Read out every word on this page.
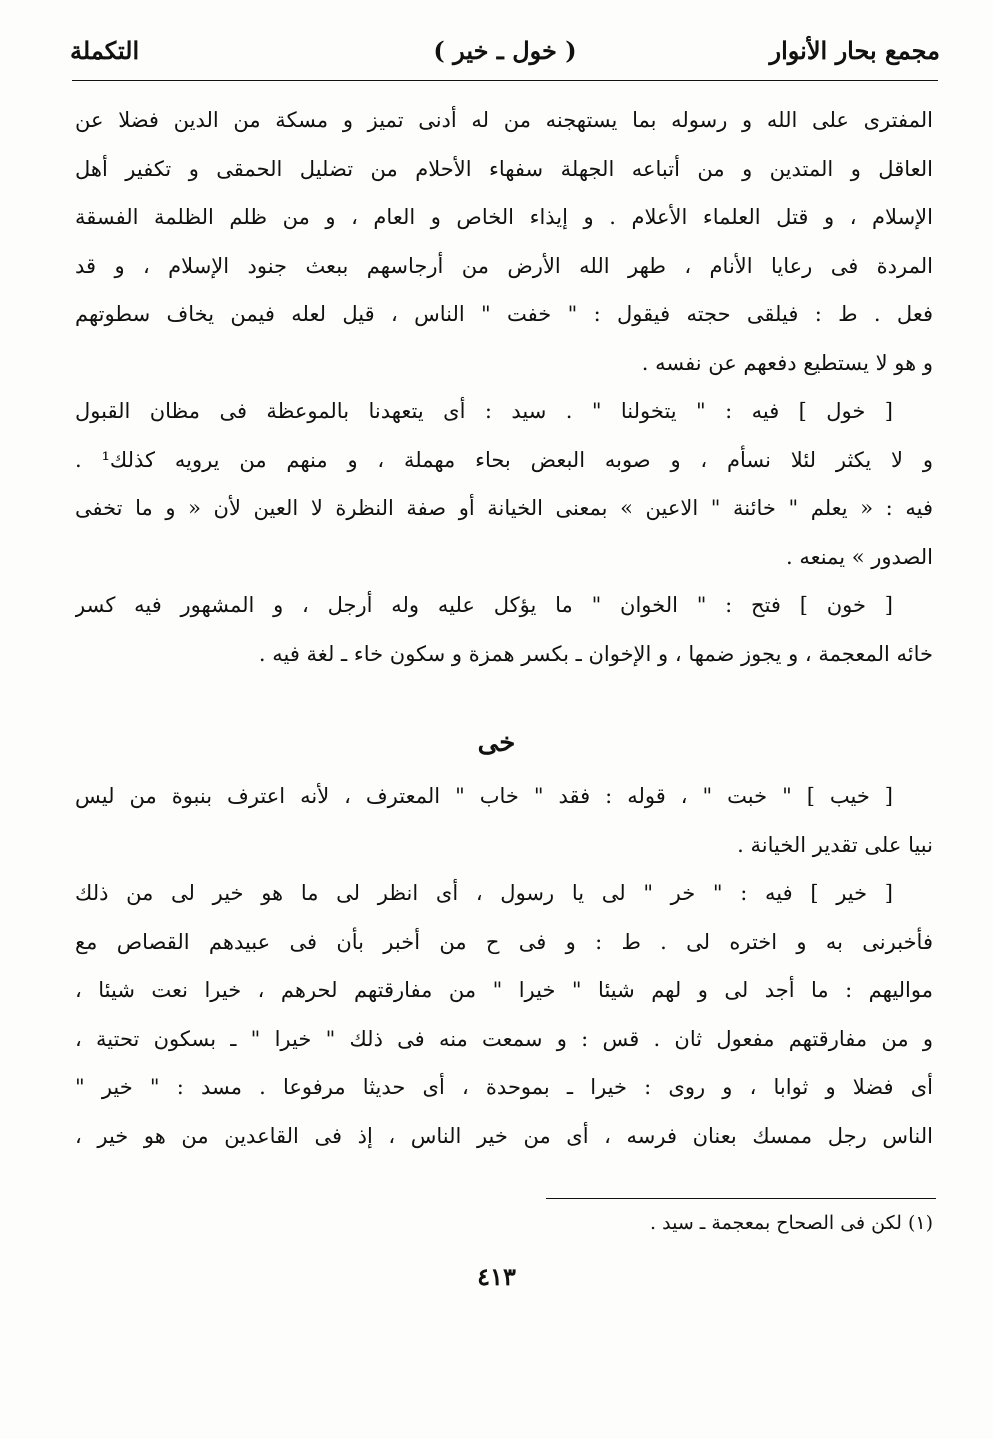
مجمع بحار الأنوار
( خول ـ خير )
التكملة
المفترى على الله و رسوله بما يستهجنه من له أدنى تميز و مسكة من الدين فضلا عن
العاقل و المتدين و من أتباعه الجهلة سفهاء الأحلام من تضليل الحمقى و تكفير أهل
الإسلام ، و قتل العلماء الأعلام . و إيذاء الخاص و العام ، و من ظلم الظلمة الفسقة
المردة فى رعايا الأنام ، طهر الله الأرض من أرجاسهم ببعث جنود الإسلام ، و قد
فعل . ط : فيلقى حجته فيقول : " خفت " الناس ، قيل لعله فيمن يخاف سطوتهم
و هو لا يستطيع دفعهم عن نفسه .
[ خول ] فيه : " يتخولنا " . سيد : أى يتعهدنا بالموعظة فى مظان القبول
و لا يكثر لئلا نسأم ، و صوبه البعض بحاء مهملة ، و منهم من يرويه كذلك¹ .
فيه : « يعلم " خائنة " الاعين » بمعنى الخيانة أو صفة النظرة لا العين لأن « و ما تخفى
الصدور » يمنعه .
[ خون ] فتح : " الخوان " ما يؤكل عليه وله أرجل ، و المشهور فيه كسر
خائه المعجمة ، و يجوز ضمها ، و الإخوان ـ بكسر همزة و سكون خاء ـ لغة فيه .
خى
[ خيب ] " خبت " ، قوله : فقد " خاب " المعترف ، لأنه اعترف بنبوة من ليس
نبيا على تقدير الخيانة .
[ خير ] فيه : " خر " لى يا رسول ، أى انظر لى ما هو خير لى من ذلك
فأخبرنى به و اختره لى . ط : و فى ح من أخبر بأن فى عبيدهم القصاص مع
مواليهم : ما أجد لى و لهم شيئا " خيرا " من مفارقتهم لحرهم ، خيرا نعت شيئا ،
و من مفارقتهم مفعول ثان . قس : و سمعت منه فى ذلك " خيرا " ـ بسكون تحتية ،
أى فضلا و ثوابا ، و روى : خيرا ـ بموحدة ، أى حديثا مرفوعا . مسد : " خير "
الناس رجل ممسك بعنان فرسه ، أى من خير الناس ، إذ فى القاعدين من هو خير ،
(١) لكن فى الصحاح بمعجمة ـ سيد .
٤١٣
